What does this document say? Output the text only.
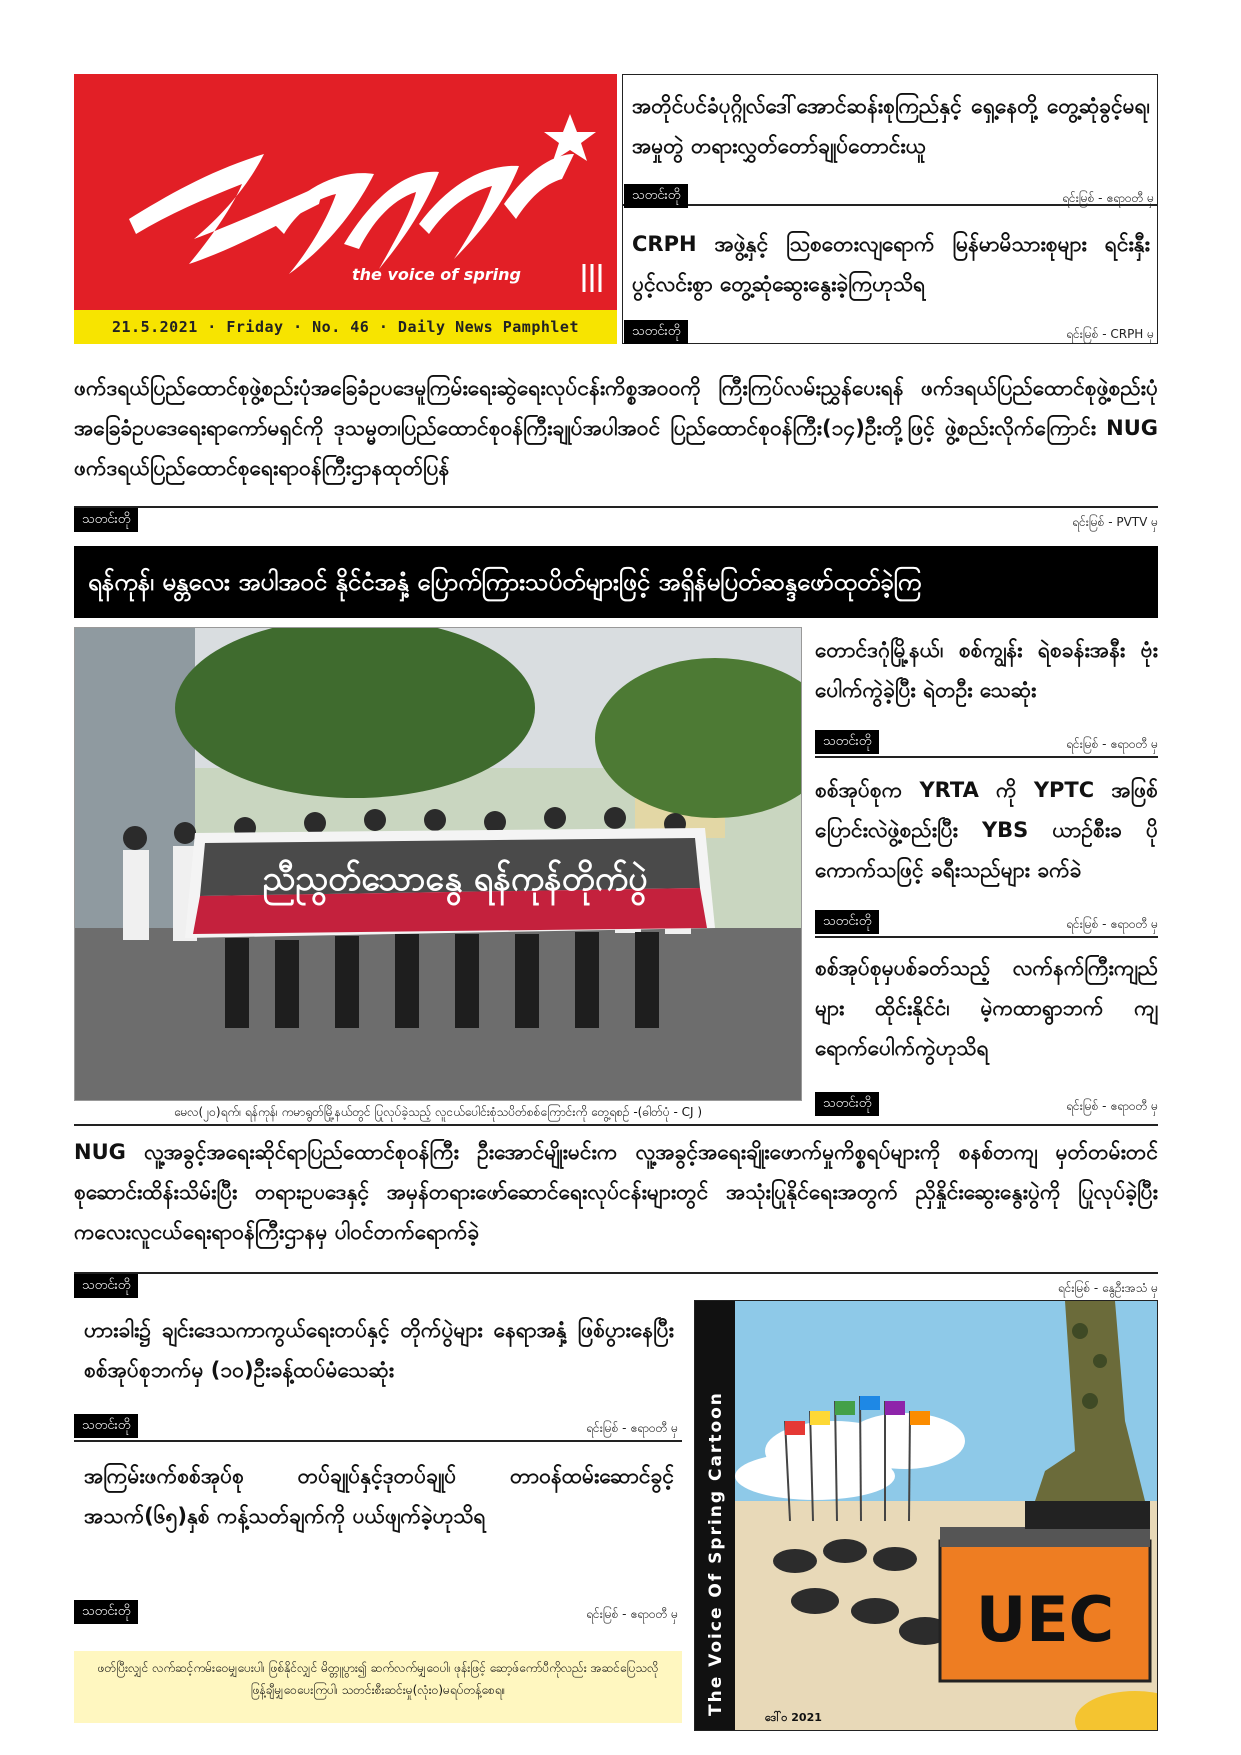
the voice of spring
21.5.2021 · Friday · No. 46 · Daily News Pamphlet
အတိုင်ပင်ခံပုဂ္ဂိုလ်ဒေါ်အောင်ဆန်းစုကြည်နှင့် ရှေ့နေတို့ တွေ့ဆုံခွင့်မရ၊ အမှုတွဲ တရားလွှတ်တော်ချုပ်တောင်းယူ
သတင်းတို	ရင်းမြစ် - ဧရာဝတီ မှ
CRPH အဖွဲ့နှင့် ဩစတေးလျရောက် မြန်မာမိသားစုများ ရင်းနှီးပွင့်လင်းစွာ တွေ့ဆုံဆွေးနွေးခဲ့ကြဟုသိရ
သတင်းတို	ရင်းမြစ် - CRPH မှ
ဖက်ဒရယ်ပြည်ထောင်စုဖွဲ့စည်းပုံအခြေခံဥပဒေမူကြမ်းရေးဆွဲရေးလုပ်ငန်းကိစ္စအဝဝကို ကြီးကြပ်လမ်းညွှန်ပေးရန် ဖက်ဒရယ်ပြည်ထောင်စုဖွဲ့စည်းပုံအခြေခံဥပဒေရေးရာကော်မရှင်ကို ဒုသမ္မတ၊ပြည်ထောင်စုဝန်ကြီးချုပ်အပါအဝင် ပြည်ထောင်စုဝန်ကြီး(၁၄)ဦးတို့ဖြင့် ဖွဲ့စည်းလိုက်ကြောင်း NUG ဖက်ဒရယ်ပြည်ထောင်စုရေးရာဝန်ကြီးဌာနထုတ်ပြန်
သတင်းတို	ရင်းမြစ် - PVTV မှ
ရန်ကုန်၊ မန္တလေး အပါအဝင် နိုင်ငံအနှံ့ ပြောက်ကြားသပိတ်များဖြင့် အရှိန်မပြတ်ဆန္ဒဖော်ထုတ်ခဲ့ကြ
ညီညွတ်သောနွေ ရန်ကုန်တိုက်ပွဲ
မေလ(၂၀)ရက်၊ ရန်ကုန်၊ ကမာရွတ်မြို့နယ်တွင် ပြုလုပ်ခဲ့သည့် လူငယ်ပေါင်းစုံသပိတ်စစ်ကြောင်းကို တွေ့ရစဉ် -(ဓါတ်ပုံ - CJ )
တောင်ဒဂုံမြို့နယ်၊ စစ်ကျွန်း ရဲစခန်းအနီး ဗုံးပေါက်ကွဲခဲ့ပြီး ရဲတဦး သေဆုံး
သတင်းတို	ရင်းမြစ် - ဧရာဝတီ မှ
စစ်အုပ်စုက YRTA ကို YPTC အဖြစ် ပြောင်းလဲဖွဲ့စည်းပြီး YBS ယာဉ်စီးခ ပိုကောက်သဖြင့် ခရီးသည်များ ခက်ခဲ
သတင်းတို	ရင်းမြစ် - ဧရာဝတီ မှ
စစ်အုပ်စုမှပစ်ခတ်သည့် လက်နက်ကြီးကျည်များ ထိုင်းနိုင်ငံ၊ မဲ့ကထာရွာဘက် ကျရောက်ပေါက်ကွဲဟုသိရ
သတင်းတို	ရင်းမြစ် - ဧရာဝတီ မှ
NUG လူ့အခွင့်အရေးဆိုင်ရာပြည်ထောင်စုဝန်ကြီး ဦးအောင်မျိုးမင်းက လူ့အခွင့်အရေးချိုးဖောက်မှုကိစ္စရပ်များကို စနစ်တကျ မှတ်တမ်းတင် စုဆောင်းထိန်းသိမ်းပြီး တရားဥပဒေနှင့် အမှန်တရားဖော်ဆောင်ရေးလုပ်ငန်းများတွင် အသုံးပြုနိုင်ရေးအတွက် ညှိနှိုင်းဆွေးနွေးပွဲကို ပြုလုပ်ခဲ့ပြီး ကလေးလူငယ်ရေးရာဝန်ကြီးဌာနမှ ပါဝင်တက်ရောက်ခဲ့
သတင်းတို	ရင်းမြစ် - နွေဦးအသံ မှ
ဟားခါး၌ ချင်းဒေသကာကွယ်ရေးတပ်နှင့် တိုက်ပွဲများ နေရာအနှံ့ ဖြစ်ပွားနေပြီး စစ်အုပ်စုဘက်မှ (၁၀)ဦးခန့်ထပ်မံသေဆုံး
သတင်းတို	ရင်းမြစ် - ဧရာဝတီ မှ
အကြမ်းဖက်စစ်အုပ်စု တပ်ချုပ်နှင့်ဒုတပ်ချုပ် တာဝန်ထမ်းဆောင်ခွင့် အသက်(၆၅)နှစ် ကန့်သတ်ချက်ကို ပယ်ဖျက်ခဲ့ဟုသိရ
သတင်းတို	ရင်းမြစ် - ဧရာဝတီ မှ
ဖတ်ပြီးလျှင် လက်ဆင့်ကမ်းဝေမျှပေးပါ၊ ဖြစ်နိုင်လျှင် မိတ္တူပွား၍ ဆက်လက်မျှဝေပါ၊ ဖုန်းဖြင့် ဆော့ဖ်ကော်ပီကိုလည်း အဆင်ပြေသလို ဖြန့်ချီမျှဝေပေးကြပါ၊ သတင်းစီးဆင်းမှု(လုံးဝ)မရပ်တန့်စေရ။	The Voice Of Spring Cartoon	UEC
ဒေါ်၀ 2021
